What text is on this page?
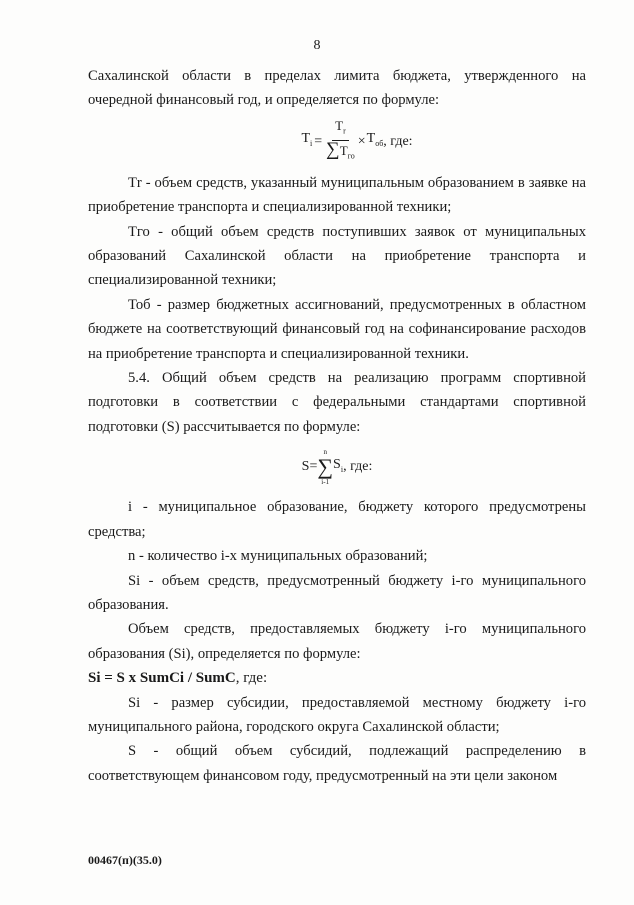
8

Сахалинской области в пределах лимита бюджета, утвержденного на очередной финансовый год, и определяется по формуле:

$T_i = \frac{T_r}{\sum T_{го}} \times T_{об}$ , где:

Тr - объем средств, указанный муниципальным образованием в заявке на приобретение транспорта и специализированной техники;

Тго - общий объем средств поступивших заявок от муниципальных образований Сахалинской области на приобретение транспорта и специализированной техники;

Тоб - размер бюджетных ассигнований, предусмотренных в областном бюджете на соответствующий финансовый год на софинансирование расходов на приобретение транспорта и специализированной техники.

5.4. Общий объем средств на реализацию программ спортивной подготовки в соответствии с федеральными стандартами спортивной подготовки (S) рассчитывается по формуле:

S =
n
∑
i-1
$S_i$ , где:

i - муниципальное образование, бюджету которого предусмотрены средства;

n - количество i-х муниципальных образований;

Si - объем средств, предусмотренный бюджету i-го муниципального образования.

Объем средств, предоставляемых бюджету i-го муниципального образования (Si), определяется по формуле:

Si = S x SumCi / SumC, где:

Si - размер субсидии, предоставляемой местному бюджету i-го муниципального района, городского округа Сахалинской области;

S - общий объем субсидий, подлежащий распределению в соответствующем финансовом году, предусмотренный на эти цели законом

00467(п)(35.0)
